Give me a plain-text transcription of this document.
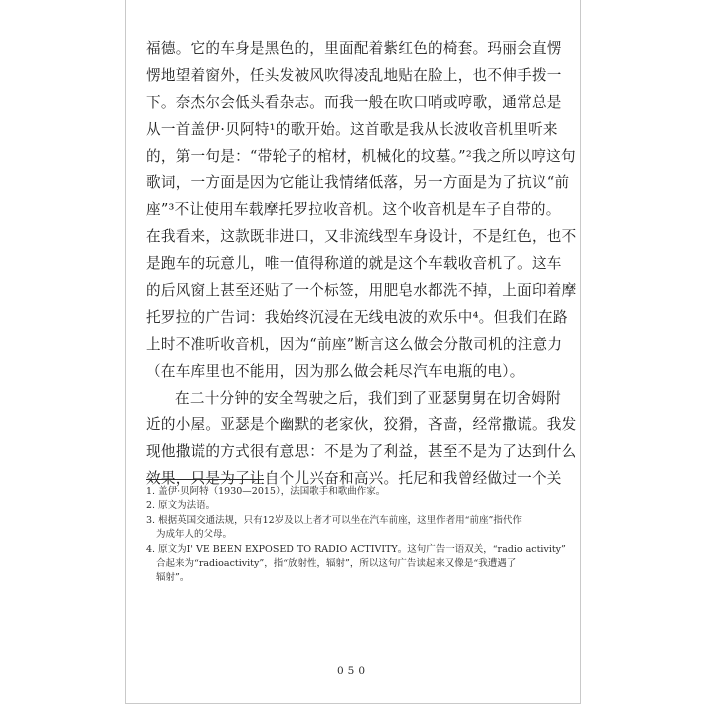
福德。它的车身是黑色的，里面配着紫红色的椅套。玛丽会直愣
愣地望着窗外，任头发被风吹得凌乱地贴在脸上，也不伸手拨一
下。奈杰尔会低头看杂志。而我一般在吹口哨或哼歌，通常总是
从一首盖伊·贝阿特¹的歌开始。这首歌是我从长波收音机里听来
的，第一句是：“带轮子的棺材，机械化的坟墓。”²我之所以哼这句
歌词，一方面是因为它能让我情绪低落，另一方面是为了抗议“前
座”³不让使用车载摩托罗拉收音机。这个收音机是车子自带的。
在我看来，这款既非进口，又非流线型车身设计，不是红色，也不
是跑车的玩意儿，唯一值得称道的就是这个车载收音机了。这车
的后风窗上甚至还贴了一个标签，用肥皂水都洗不掉，上面印着摩
托罗拉的广告词：我始终沉浸在无线电波的欢乐中⁴。但我们在路
上时不准听收音机，因为“前座”断言这么做会分散司机的注意力
（在车库里也不能用，因为那么做会耗尽汽车电瓶的电）。
在二十分钟的安全驾驶之后，我们到了亚瑟舅舅在切舍姆附
近的小屋。亚瑟是个幽默的老家伙，狡猾，吝啬，经常撒谎。我发
现他撒谎的方式很有意思：不是为了利益，甚至不是为了达到什么
效果，只是为了让自个儿兴奋和高兴。托尼和我曾经做过一个关
1. 盖伊·贝阿特（1930—2015），法国歌手和歌曲作家。
2. 原文为法语。
3. 根据英国交通法规，只有12岁及以上者才可以坐在汽车前座，这里作者用“前座”指代作
为成年人的父母。
4. 原文为I' VE BEEN EXPOSED TO RADIO ACTIVITY。这句广告一语双关，“radio activity”
合起来为“radioactivity”，指“放射性，辐射”，所以这句广告读起来又像是“我遭遇了
辐射”。
050
